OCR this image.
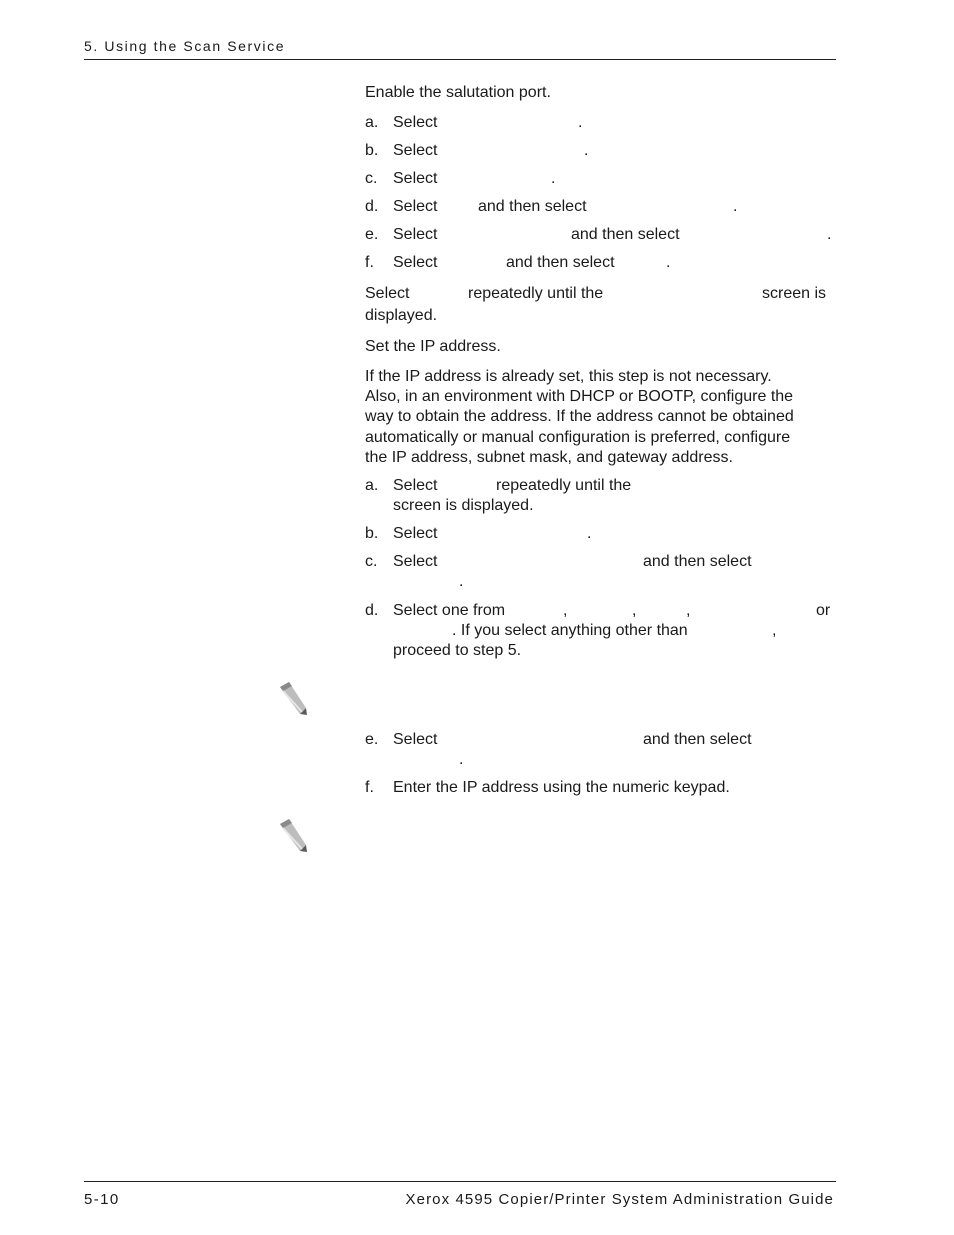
5. Using the Scan Service
Enable the salutation port.
a. Select	.
b. Select	.
c. Select	.
d. Select	and then select	.
e. Select	and then select	.
f. Select	and then select	.
Select	repeatedly until the	screen is
displayed.
Set the IP address.
If the IP address is already set, this step is not necessary.
Also, in an environment with DHCP or BOOTP, configure the
way to obtain the address. If the address cannot be obtained
automatically or manual configuration is preferred, configure
the IP address, subnet mask, and gateway address.
a. Select	repeatedly until the
screen is displayed.
b. Select	.
c. Select	and then select
.
d. Select one from	,	,	,	or
. If you select anything other than	,
proceed to step 5.
e. Select	and then select
.
f. Enter the IP address using the numeric keypad.
5-10	Xerox 4595 Copier/Printer System Administration Guide
